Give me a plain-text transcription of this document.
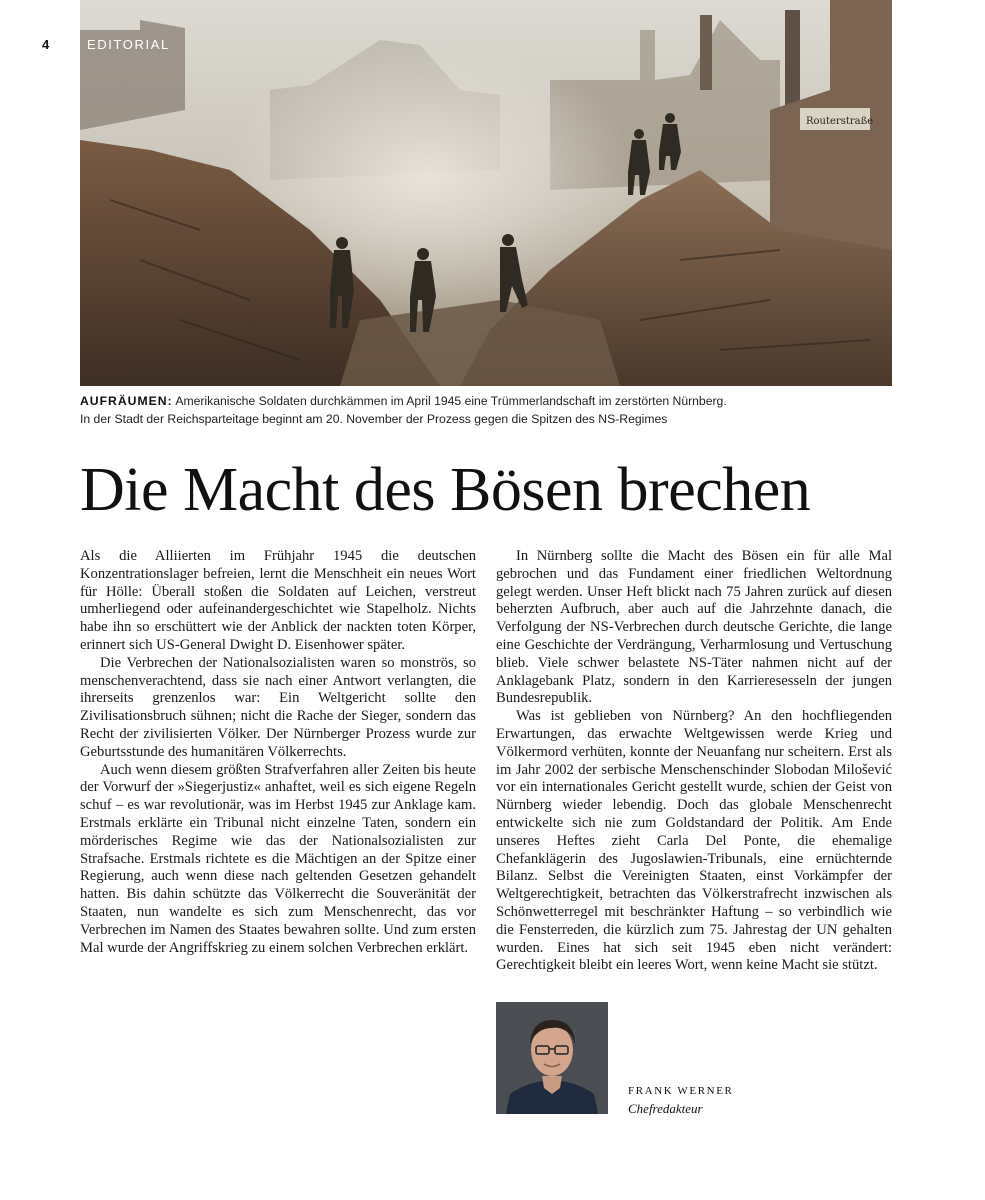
Routerstraße
4	EDITORIAL
AUFRÄUMEN: Amerikanische Soldaten durchkämmen im April 1945 eine Trümmerlandschaft im zerstörten Nürnberg.
In der Stadt der Reichsparteitage beginnt am 20. November der Prozess gegen die Spitzen des NS-Regimes
Die Macht des Bösen brechen

Als die Alliierten im Frühjahr 1945 die deutschen Konzentrationslager befreien, lernt die Menschheit ein neues Wort für Hölle: Überall stoßen die Soldaten auf Leichen, verstreut umherliegend oder aufeinandergeschichtet wie Stapelholz. Nichts habe ihn so erschüttert wie der Anblick der nackten toten Körper, erinnert sich US-General Dwight D. Eisenhower später.

Die Verbrechen der Nationalsozialisten waren so monströs, so menschenverachtend, dass sie nach einer Antwort verlangten, die ihrerseits grenzenlos war: Ein Weltgericht sollte den Zivilisationsbruch sühnen; nicht die Rache der Sieger, sondern das Recht der zivilisierten Völker. Der Nürnberger Prozess wurde zur Geburtsstunde des humanitären Völkerrechts.

Auch wenn diesem größten Strafverfahren aller Zeiten bis heute der Vorwurf der »Siegerjustiz« anhaftet, weil es sich eigene Regeln schuf – es war revolutionär, was im Herbst 1945 zur Anklage kam. Erstmals erklärte ein Tribunal nicht einzelne Taten, sondern ein mörderisches Regime wie das der Nationalsozialisten zur Strafsache. Erstmals richtete es die Mächtigen an der Spitze einer Regierung, auch wenn diese nach geltenden Gesetzen gehandelt hatten. Bis dahin schützte das Völkerrecht die Souveränität der Staaten, nun wandelte es sich zum Menschenrecht, das vor Verbrechen im Namen des Staates bewahren sollte. Und zum ersten Mal wurde der Angriffskrieg zu einem solchen Verbrechen erklärt.

In Nürnberg sollte die Macht des Bösen ein für alle Mal gebrochen und das Fundament einer friedlichen Weltordnung gelegt werden. Unser Heft blickt nach 75 Jahren zurück auf diesen beherzten Aufbruch, aber auch auf die Jahrzehnte danach, die Verfolgung der NS-Verbrechen durch deutsche Gerichte, die lange eine Geschichte der Verdrängung, Verharmlosung und Vertuschung blieb. Viele schwer belastete NS-Täter nahmen nicht auf der Anklagebank Platz, sondern in den Karrieresesseln der jungen Bundesrepublik.

Was ist geblieben von Nürnberg? An den hochfliegenden Erwartungen, das erwachte Weltgewissen werde Krieg und Völkermord verhüten, konnte der Neuanfang nur scheitern. Erst als im Jahr 2002 der serbische Menschenschinder Slobodan Milošević vor ein internationales Gericht gestellt wurde, schien der Geist von Nürnberg wieder lebendig. Doch das globale Menschenrecht entwickelte sich nie zum Goldstandard der Politik. Am Ende unseres Heftes zieht Carla Del Ponte, die ehemalige Chefanklägerin des Jugoslawien-Tribunals, eine ernüchternde Bilanz. Selbst die Vereinigten Staaten, einst Vorkämpfer der Weltgerechtigkeit, betrachten das Völkerstrafrecht inzwischen als Schönwetterregel mit beschränkter Haftung – so verbindlich wie die Fensterreden, die kürzlich zum 75. Jahrestag der UN gehalten wurden. Eines hat sich seit 1945 eben nicht verändert: Gerechtigkeit bleibt ein leeres Wort, wenn keine Macht sie stützt.

FRANK WERNER
Chefredakteur
